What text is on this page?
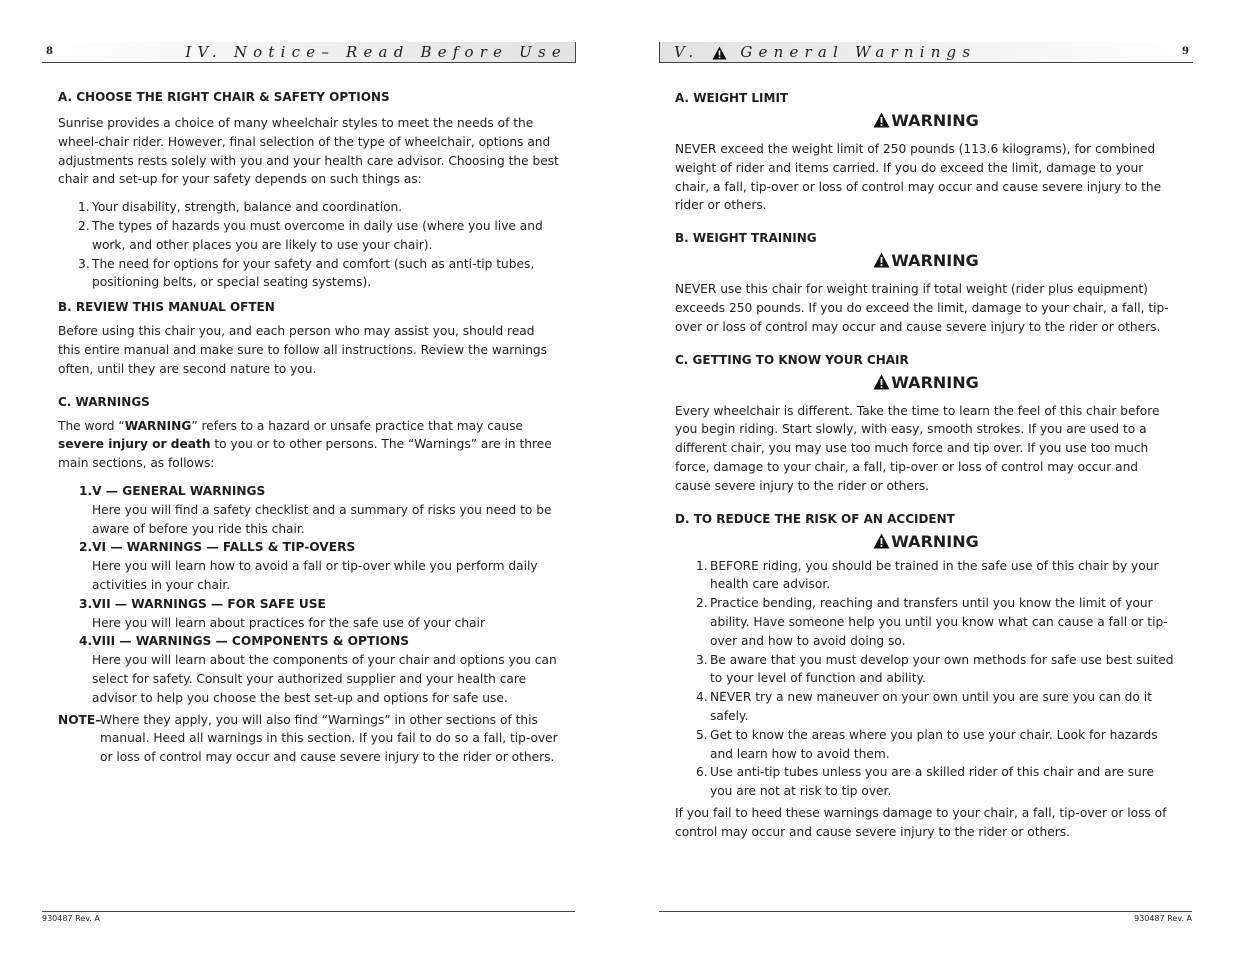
8	IV. Notice– Read Before Use

A. CHOOSE THE RIGHT CHAIR & SAFETY OPTIONS

Sunrise provides a choice of many wheelchair styles to meet the needs of the wheel-chair rider. However, final selection of the type of wheelchair, options and adjustments rests solely with you and your health care advisor. Choosing the best chair and set-up for your safety depends on such things as:

1. Your disability, strength, balance and coordination.
2. The types of hazards you must overcome in daily use (where you live and work, and other places you are likely to use your chair).
3. The need for options for your safety and comfort (such as anti-tip tubes, positioning belts, or special seating systems).

B. REVIEW THIS MANUAL OFTEN

Before using this chair you, and each person who may assist you, should read this entire manual and make sure to follow all instructions. Review the warnings often, until they are second nature to you.

C. WARNINGS

The word “WARNING” refers to a hazard or unsafe practice that may cause severe injury or death to you or to other persons. The “Warnings” are in three main sections, as follows:

1.V — GENERAL WARNINGS
Here you will find a safety checklist and a summary of risks you need to be aware of before you ride this chair.
2.VI — WARNINGS — FALLS & TIP-OVERS
Here you will learn how to avoid a fall or tip-over while you perform daily activities in your chair.
3.VII — WARNINGS — FOR SAFE USE
Here you will learn about practices for the safe use of your chair
4.VIII — WARNINGS — COMPONENTS & OPTIONS
Here you will learn about the components of your chair and options you can select for safety. Consult your authorized supplier and your health care advisor to help you choose the best set-up and options for safe use.
NOTE–
Where they apply, you will also find “Warnings” in other sections of this manual. Heed all warnings in this section. If you fail to do so a fall, tip-over or loss of control may occur and cause severe injury to the rider or others.
930487 Rev. A
V.	General Warnings	9

A. WEIGHT LIMIT

WARNING

NEVER exceed the weight limit of 250 pounds (113.6 kilograms), for combined weight of rider and items carried. If you do exceed the limit, damage to your chair, a fall, tip-over or loss of control may occur and cause severe injury to the rider or others.

B. WEIGHT TRAINING

WARNING

NEVER use this chair for weight training if total weight (rider plus equipment) exceeds 250 pounds. If you do exceed the limit, damage to your chair, a fall, tip-over or loss of control may occur and cause severe injury to the rider or others.

C. GETTING TO KNOW YOUR CHAIR

WARNING

Every wheelchair is different. Take the time to learn the feel of this chair before you begin riding. Start slowly, with easy, smooth strokes. If you are used to a different chair, you may use too much force and tip over. If you use too much force, damage to your chair, a fall, tip-over or loss of control may occur and cause severe injury to the rider or others.

D. TO REDUCE THE RISK OF AN ACCIDENT

WARNING
1. BEFORE riding, you should be trained in the safe use of this chair by your health care advisor.
2. Practice bending, reaching and transfers until you know the limit of your ability. Have someone help you until you know what can cause a fall or tip-over and how to avoid doing so.
3. Be aware that you must develop your own methods for safe use best suited to your level of function and ability.
4. NEVER try a new maneuver on your own until you are sure you can do it safely.
5. Get to know the areas where you plan to use your chair. Look for hazards and learn how to avoid them.
6. Use anti-tip tubes unless you are a skilled rider of this chair and are sure you are not at risk to tip over.

If you fail to heed these warnings damage to your chair, a fall, tip-over or loss of control may occur and cause severe injury to the rider or others.

930487 Rev. A
